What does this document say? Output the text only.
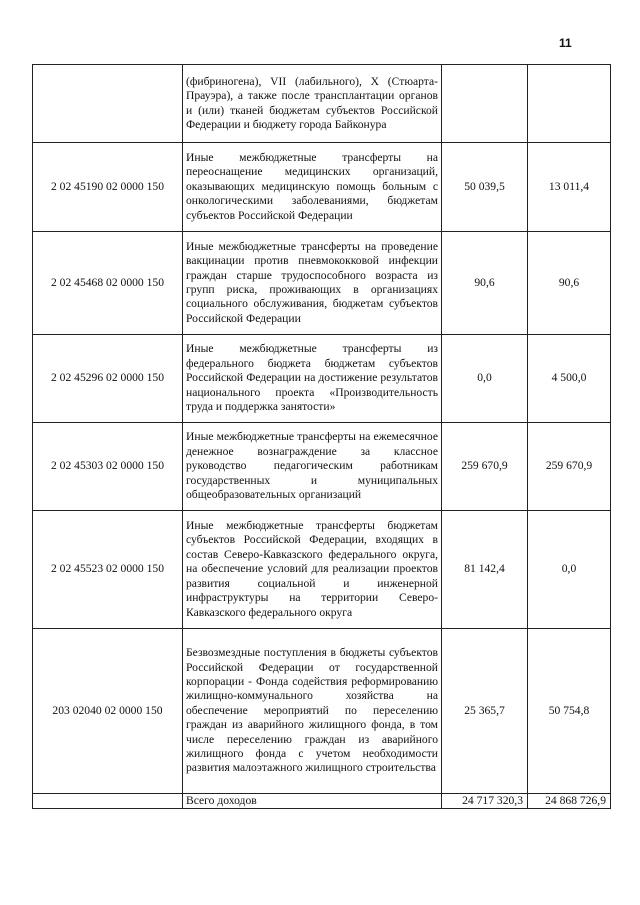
11
	(фибриногена), VII (лабильного), X (Стюарта-Прауэра), а также после трансплантации органов и (или) тканей бюджетам субъектов Российской Федерации и бюджету города Байконура		
2 02 45190 02 0000 150	Иные межбюджетные трансферты на переоснащение медицинских организаций, оказывающих медицинскую помощь больным с онкологическими заболеваниями, бюджетам субъектов Российской Федерации	50 039,5	13 011,4
2 02 45468 02 0000 150	Иные межбюджетные трансферты на проведение вакцинации против пневмококковой инфекции граждан старше трудоспособного возраста из групп риска, проживающих в организациях социального обслуживания, бюджетам субъектов Российской Федерации	90,6	90,6
2 02 45296 02 0000 150	Иные межбюджетные трансферты из федерального бюджета бюджетам субъектов Российской Федерации на достижение результатов национального проекта «Производительность труда и поддержка занятости»	0,0	4 500,0
2 02 45303 02 0000 150	Иные межбюджетные трансферты на ежемесячное денежное вознаграждение за классное руководство педагогическим работникам государственных и муниципальных общеобразовательных организаций	259 670,9	259 670,9
2 02 45523 02 0000 150	Иные межбюджетные трансферты бюджетам субъектов Российской Федерации, входящих в состав Северо-Кавказского федерального округа, на обеспечение условий для реализации проектов развития социальной и инженерной инфраструктуры на территории Северо-Кавказского федерального округа	81 142,4	0,0
203 02040 02 0000 150	Безвозмездные поступления в бюджеты субъектов Российской Федерации от государственной корпорации - Фонда содействия реформированию жилищно-коммунального хозяйства на обеспечение мероприятий по переселению граждан из аварийного жилищного фонда, в том числе переселению граждан из аварийного жилищного фонда с учетом необходимости развития малоэтажного жилищного строительства	25 365,7	50 754,8
	Всего доходов	24 717 320,3	24 868 726,9
